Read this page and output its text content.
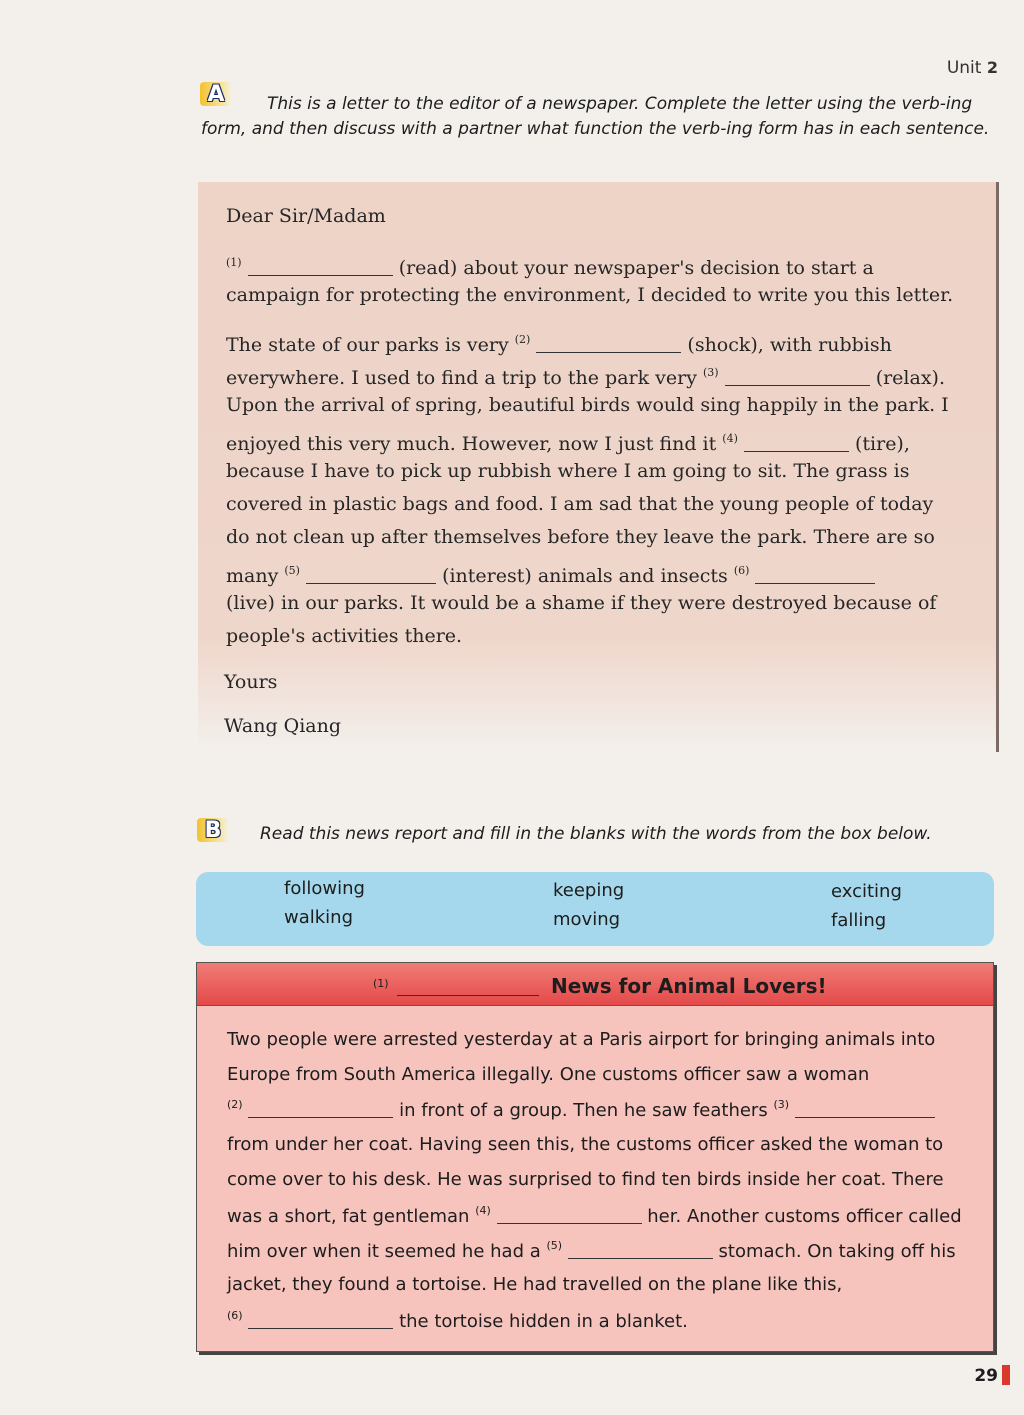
Unit 2
A	This is a letter to the editor of a newspaper. Complete the letter using the verb-ing form, and then discuss with a partner what function the verb-ing form has in each sentence.
Dear Sir/Madam
$^{(1)}$	(read) about your newspaper's decision to start a
campaign for protecting the environment, I decided to write you this letter.
The state of our parks is very $^{(2)}$	(shock), with rubbish
everywhere. I used to find a trip to the park very $^{(3)}$	(relax).
Upon the arrival of spring, beautiful birds would sing happily in the park. I
enjoyed this very much. However, now I just find it $^{(4)}$	(tire),
because I have to pick up rubbish where I am going to sit. The grass is
covered in plastic bags and food. I am sad that the young people of today
do not clean up after themselves before they leave the park. There are so
many $^{(5)}$	(interest) animals and insects $^{(6)}$
(live) in our parks. It would be a shame if they were destroyed because of
people's activities there.
Yours
Wang Qiang
B	Read this news report and fill in the blanks with the words from the box below.
following
walking
keeping
moving
exciting
falling
(1)	News for Animal Lovers!
Two people were arrested yesterday at a Paris airport for bringing animals into
Europe from South America illegally. One customs officer saw a woman
$^{(2)}$	in front of a group. Then he saw feathers $^{(3)}$
from under her coat. Having seen this, the customs officer asked the woman to
come over to his desk. He was surprised to find ten birds inside her coat. There
was a short, fat gentleman $^{(4)}$	her. Another customs officer called
him over when it seemed he had a $^{(5)}$	stomach. On taking off his
jacket, they found a tortoise. He had travelled on the plane like this,
$^{(6)}$	the tortoise hidden in a blanket.
29
